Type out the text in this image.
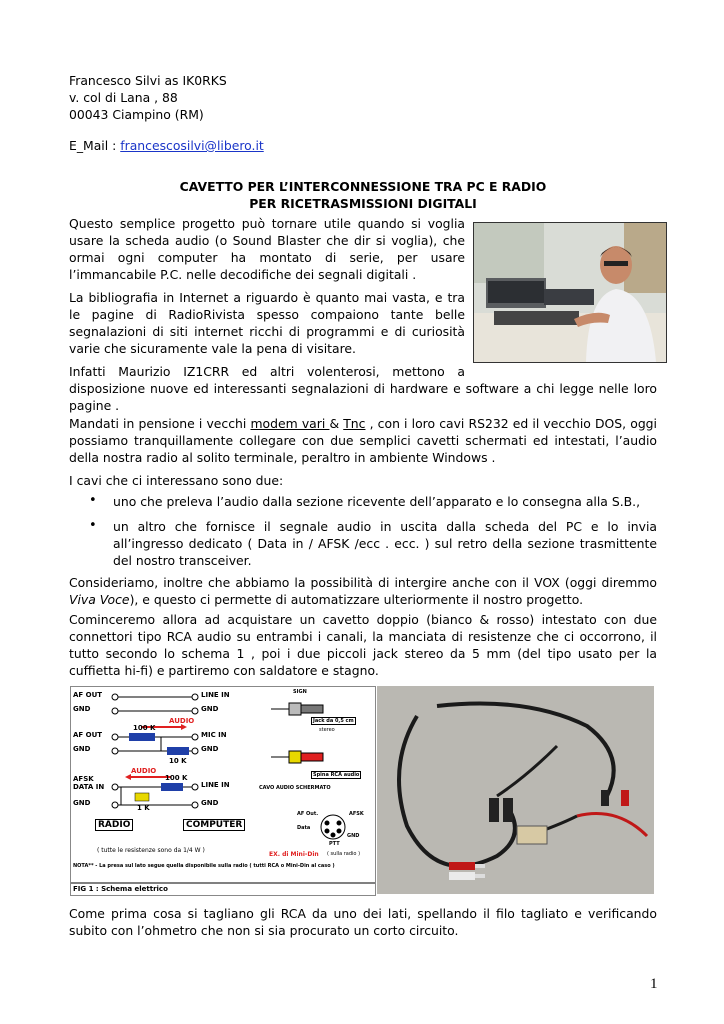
Francesco Silvi as IK0RKS
v. col di Lana , 88
00043 Ciampino (RM)
E_Mail : francescosilvi@libero.it
CAVETTO PER L’INTERCONNESSIONE TRA PC E RADIO
PER RICETRASMISSIONI DIGITALI
Questo semplice progetto può tornare utile quando si voglia usare la scheda audio (o Sound Blaster che dir si voglia), che ormai ogni computer ha montato di serie, per usare l’immancabile P.C. nelle decodifiche dei segnali digitali .
La bibliografia in Internet a riguardo è quanto mai vasta, e tra le pagine di RadioRivista spesso compaiono tante belle segnalazioni di siti internet ricchi di programmi e di curiosità varie che sicuramente vale la pena di visitare.
Infatti Maurizio IZ1CRR ed altri volenterosi, mettono a
disposizione nuove ed interessanti segnalazioni di hardware e software a chi legge nelle loro pagine .
Mandati in pensione i vecchi modem vari & Tnc , con i loro cavi RS232 ed il vecchio DOS, oggi possiamo tranquillamente collegare con due semplici cavetti schermati ed intestati, l’audio della nostra radio al solito terminale, peraltro in ambiente Windows .
I cavi che ci interessano sono due:
• uno che preleva l’audio dalla sezione ricevente dell’apparato e lo consegna alla S.B.,
• un altro che fornisce il segnale audio in uscita dalla scheda del PC e lo invia all’ingresso dedicato ( Data in / AFSK /ecc . ecc. ) sul retro della sezione trasmittente del nostro transceiver.
Consideriamo, inoltre che abbiamo la possibilità di intergire anche con il VOX (oggi diremmo Viva Voce), e questo ci permette di automatizzare ulteriormente il nostro progetto.
Cominceremo allora ad acquistare un cavetto doppio (bianco & rosso) intestato con due connettori tipo RCA audio su entrambi i canali, la manciata di resistenze che ci occorrono, il tutto secondo lo schema 1 , poi i due piccoli jack stereo da 5 mm (del tipo usato per la cuffietta hi-fi) e partiremo con saldatore e stagno.
AF OUT
GND
LINE IN
GND
AUDIO
100 K
AF OUT
GND
MIC IN
GND
10 K
AUDIO
100 K
AFSK
DATA IN
GND
LINE IN
GND
1 K
RADIO	COMPUTER
( tutte le resistenze sono da 1/4 W )
NOTA** - La presa sul lato segue quella disponibile sulla radio ( tutti RCA o Mini-Din al caso )
FIG 1 : Schema elettrico
SIGN
Jack da 0,5 cm
stereo
Spina RCA audio
CAVO AUDIO SCHERMATO
AF Out.	AFSK
Data
GND
PTT
EX. di Mini-Din ( sulla radio )
Come prima cosa si tagliano gli RCA da uno dei lati, spellando il filo tagliato e verificando subito con l’ohmetro che non si sia procurato un corto circuito.
1
